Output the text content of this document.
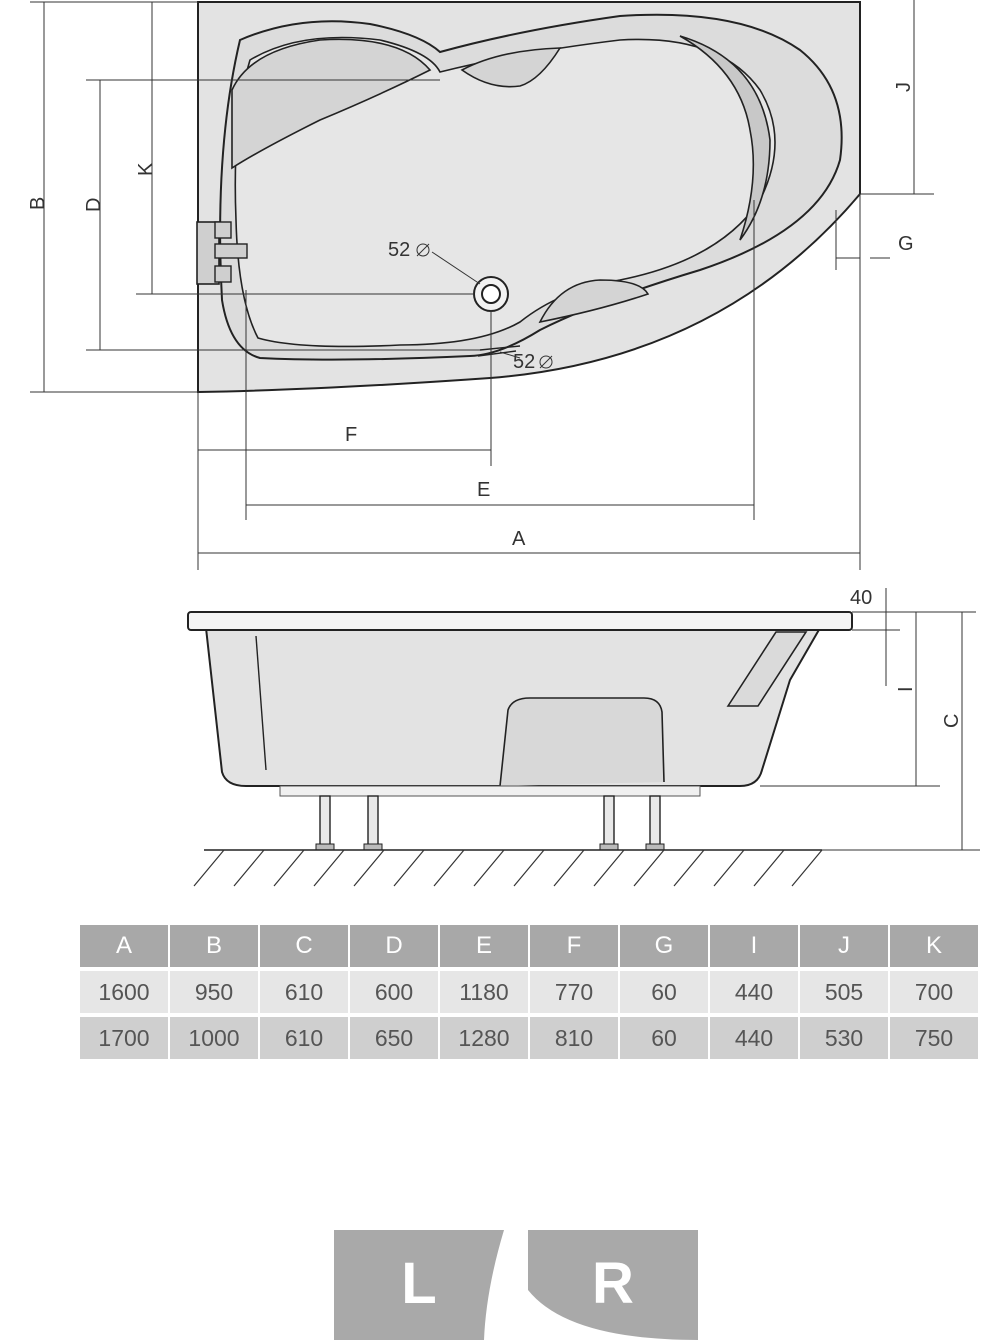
B
K
D
J
G
F
E
A
52
52
40
I
C
A	B	C	D	E	F	G	I	J	K
1600	950	610	600	1180	770	60	440	505	700
1700	1000	610	650	1280	810	60	440	530	750
L	R
